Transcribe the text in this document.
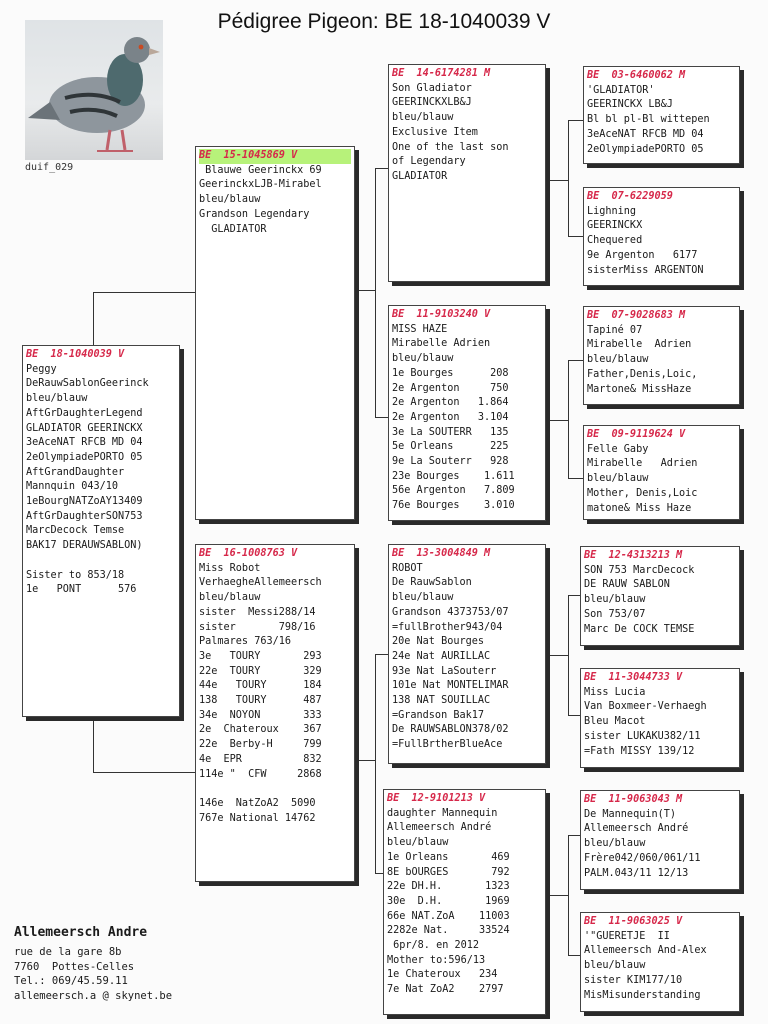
Pédigree Pigeon: BE 18-1040039 V
duif_029
BE  18-1040039 V
Peggy
DeRauwSablonGeerinck
bleu/blauw
AftGrDaughterLegend
GLADIATOR GEERINCKX
3eAceNAT RFCB MD 04
2eOlympiadePORTO 05
AftGrandDaughter
Mannquin 043/10
1eBourgNATZoAY13409
AftGrDaughterSON753
MarcDecock Temse
BAK17 DERAUWSABLON)

Sister to 853/18
1e   PONT      576
BE  15-1045869 V
Blauwe Geerinckx 69
GeerinckxLJB-Mirabel
bleu/blauw
Grandson Legendary
GLADIATOR
BE  16-1008763 V
Miss Robot
VerhaegheAllemeersch
bleu/blauw
sister  Messi288/14
sister       798/16
Palmares 763/16
3e   TOURY       293
22e  TOURY       329
44e   TOURY      184
138   TOURY      487
34e  NOYON       333
2e  Chateroux    367
22e  Berby-H     799
4e  EPR          832
114e "  CFW     2868

146e  NatZoA2  5090
767e National 14762
BE  14-6174281 M
Son Gladiator
GEERINCKXLB&J
bleu/blauw
Exclusive Item
One of the last son
of Legendary
GLADIATOR
BE  11-9103240 V
MISS HAZE
Mirabelle Adrien
bleu/blauw
1e Bourges      208
2e Argenton     750
2e Argenton   1.864
2e Argenton   3.104
3e La SOUTERR   135
5e Orleans      225
9e La Souterr   928
23e Bourges    1.611
56e Argenton   7.809
76e Bourges    3.010
BE  13-3004849 M
ROBOT
De RauwSablon
bleu/blauw
Grandson 4373753/07
=fullBrother943/04
20e Nat Bourges
24e Nat AURILLAC
93e Nat LaSouterr
101e Nat MONTELIMAR
138 NAT SOUILLAC
=Grandson Bak17
De RAUWSABLON378/02
=FullBrtherBlueAce
BE  12-9101213 V
daughter Mannequin
Allemeersch André
bleu/blauw
1e Orleans       469
8E bOURGES       792
22e DH.H.       1323
30e  D.H.       1969
66e NAT.ZoA    11003
2282e Nat.     33524
6pr/8. en 2012
Mother to:596/13
1e Chateroux   234
7e Nat ZoA2    2797
BE  03-6460062 M
'GLADIATOR'
GEERINCKX LB&J
Bl bl pl-Bl wittepen
3eAceNAT RFCB MD 04
2eOlympiadePORTO 05
BE  07-6229059
Lighning
GEERINCKX
Chequered
9e Argenton   6177
sisterMiss ARGENTON
BE  07-9028683 M
Tapiné 07
Mirabelle  Adrien
bleu/blauw
Father,Denis,Loic,
Martone& MissHaze
BE  09-9119624 V
Felle Gaby
Mirabelle   Adrien
bleu/blauw
Mother, Denis,Loic
matone& Miss Haze
BE  12-4313213 M
SON 753 MarcDecock
DE RAUW SABLON
bleu/blauw
Son 753/07
Marc De COCK TEMSE
BE  11-3044733 V
Miss Lucia
Van Boxmeer-Verhaegh
Bleu Macot
sister LUKAKU382/11
=Fath MISSY 139/12
BE  11-9063043 M
De Mannequin(T)
Allemeersch André
bleu/blauw
Frère042/060/061/11
PALM.043/11 12/13
BE  11-9063025 V
'"GUERETJE  II
Allemeersch And-Alex
bleu/blauw
sister KIM177/10
MisMisunderstanding
Allemeersch Andre
rue de la gare 8b
7760  Pottes-Celles
Tel.: 069/45.59.11
allemeersch.a @ skynet.be
